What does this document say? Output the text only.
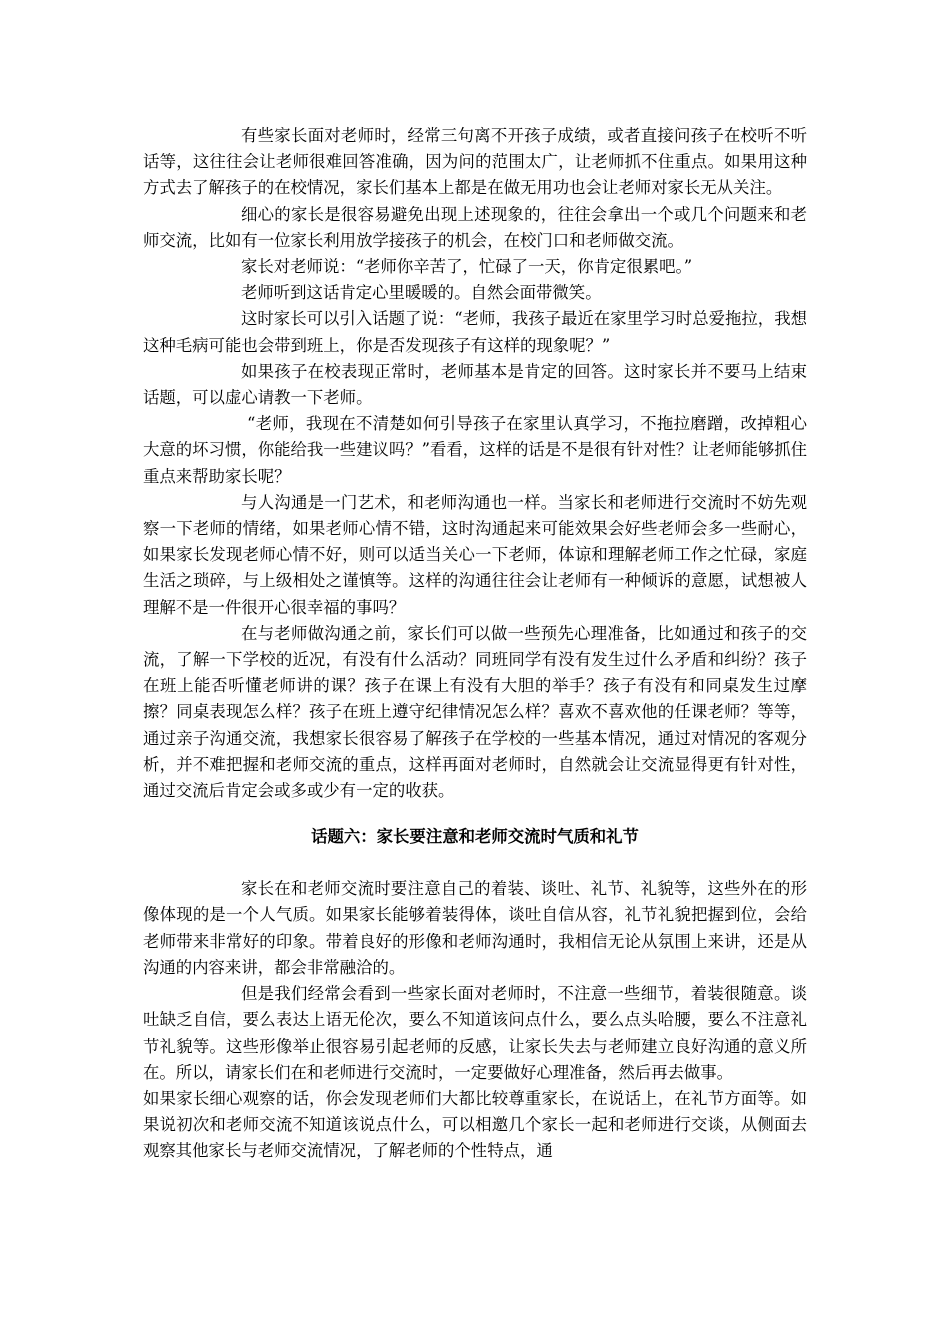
有些家长面对老师时，经常三句离不开孩子成绩，或者直接问孩子在校听不听话等，这往往会让老师很难回答准确，因为问的范围太广，让老师抓不住重点。如果用这种方式去了解孩子的在校情况，家长们基本上都是在做无用功也会让老师对家长无从关注。

细心的家长是很容易避免出现上述现象的，往往会拿出一个或几个问题来和老师交流，比如有一位家长利用放学接孩子的机会，在校门口和老师做交流。

家长对老师说：“老师你辛苦了，忙碌了一天，你肯定很累吧。”

老师听到这话肯定心里暖暖的。自然会面带微笑。

这时家长可以引入话题了说：“老师，我孩子最近在家里学习时总爱拖拉，我想这种毛病可能也会带到班上，你是否发现孩子有这样的现象呢？”

如果孩子在校表现正常时，老师基本是肯定的回答。这时家长并不要马上结束话题，可以虚心请教一下老师。

“老师，我现在不清楚如何引导孩子在家里认真学习，不拖拉磨蹭，改掉粗心大意的坏习惯，你能给我一些建议吗？”看看，这样的话是不是很有针对性？让老师能够抓住重点来帮助家长呢？

与人沟通是一门艺术，和老师沟通也一样。当家长和老师进行交流时不妨先观察一下老师的情绪，如果老师心情不错，这时沟通起来可能效果会好些老师会多一些耐心，如果家长发现老师心情不好，则可以适当关心一下老师，体谅和理解老师工作之忙碌，家庭生活之琐碎，与上级相处之谨慎等。这样的沟通往往会让老师有一种倾诉的意愿，试想被人理解不是一件很开心很幸福的事吗？

在与老师做沟通之前，家长们可以做一些预先心理准备，比如通过和孩子的交流，了解一下学校的近况，有没有什么活动？同班同学有没有发生过什么矛盾和纠纷？孩子在班上能否听懂老师讲的课？孩子在课上有没有大胆的举手？孩子有没有和同桌发生过摩擦？同桌表现怎么样？孩子在班上遵守纪律情况怎么样？喜欢不喜欢他的任课老师？等等，通过亲子沟通交流，我想家长很容易了解孩子在学校的一些基本情况，通过对情况的客观分析，并不难把握和老师交流的重点，这样再面对老师时，自然就会让交流显得更有针对性，通过交流后肯定会或多或少有一定的收获。

话题六：家长要注意和老师交流时气质和礼节

家长在和老师交流时要注意自己的着装、谈吐、礼节、礼貌等，这些外在的形像体现的是一个人气质。如果家长能够着装得体，谈吐自信从容，礼节礼貌把握到位，会给老师带来非常好的印象。带着良好的形像和老师沟通时，我相信无论从氛围上来讲，还是从沟通的内容来讲，都会非常融洽的。

但是我们经常会看到一些家长面对老师时，不注意一些细节，着装很随意。谈吐缺乏自信，要么表达上语无伦次，要么不知道该问点什么，要么点头哈腰，要么不注意礼节礼貌等。这些形像举止很容易引起老师的反感，让家长失去与老师建立良好沟通的意义所在。所以，请家长们在和老师进行交流时，一定要做好心理准备，然后再去做事。

如果家长细心观察的话，你会发现老师们大都比较尊重家长，在说话上，在礼节方面等。如果说初次和老师交流不知道该说点什么，可以相邀几个家长一起和老师进行交谈，从侧面去观察其他家长与老师交流情况，了解老师的个性特点，通
